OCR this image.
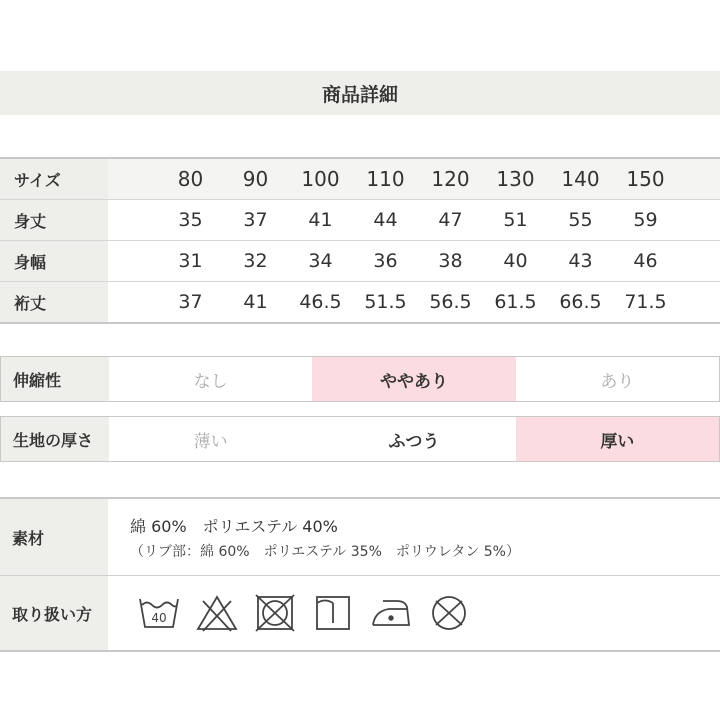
商品詳細
サイズ	80	90	100	110	120	130	140	150
身丈	35	37	41	44	47	51	55	59
身幅	31	32	34	36	38	40	43	46
裄丈	37	41	46.5	51.5	56.5	61.5	66.5	71.5
伸縮性	なし	ややあり	あり
生地の厚さ	薄い	ふつう	厚い
素材
綿 60%　ポリエステル 40%
（リブ部：綿 60%　ポリエステル 35%　ポリウレタン 5%）
取り扱い方	40
